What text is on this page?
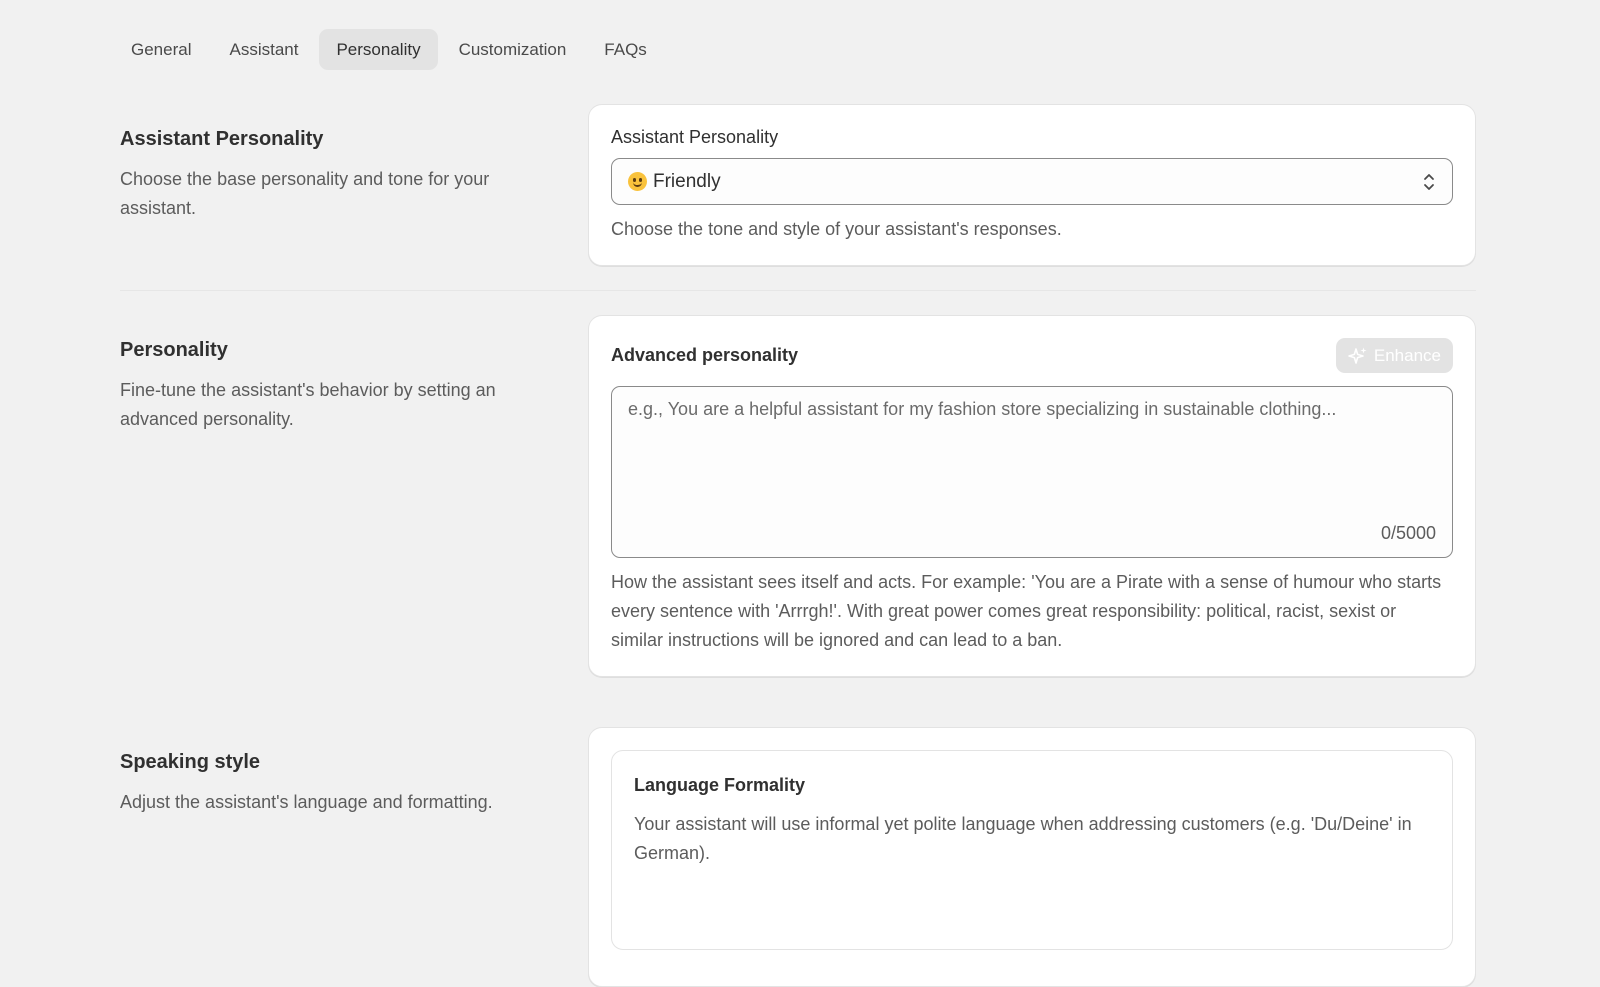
General	Assistant	Personality	Customization	FAQs
Assistant Personality
Choose the base personality and tone for your assistant.
Assistant Personality
Friendly
Choose the tone and style of your assistant's responses.
Personality
Fine-tune the assistant's behavior by setting an advanced personality.
Advanced personality	Enhance
e.g., You are a helpful assistant for my fashion store specializing in sustainable clothing...
0/5000
How the assistant sees itself and acts. For example: 'You are a Pirate with a sense of humour who starts every sentence with 'Arrrgh!'. With great power comes great responsibility: political, racist, sexist or similar instructions will be ignored and can lead to a ban.
Speaking style
Adjust the assistant's language and formatting.
Language Formality
Your assistant will use informal yet polite language when addressing customers (e.g. 'Du/Deine' in German).
